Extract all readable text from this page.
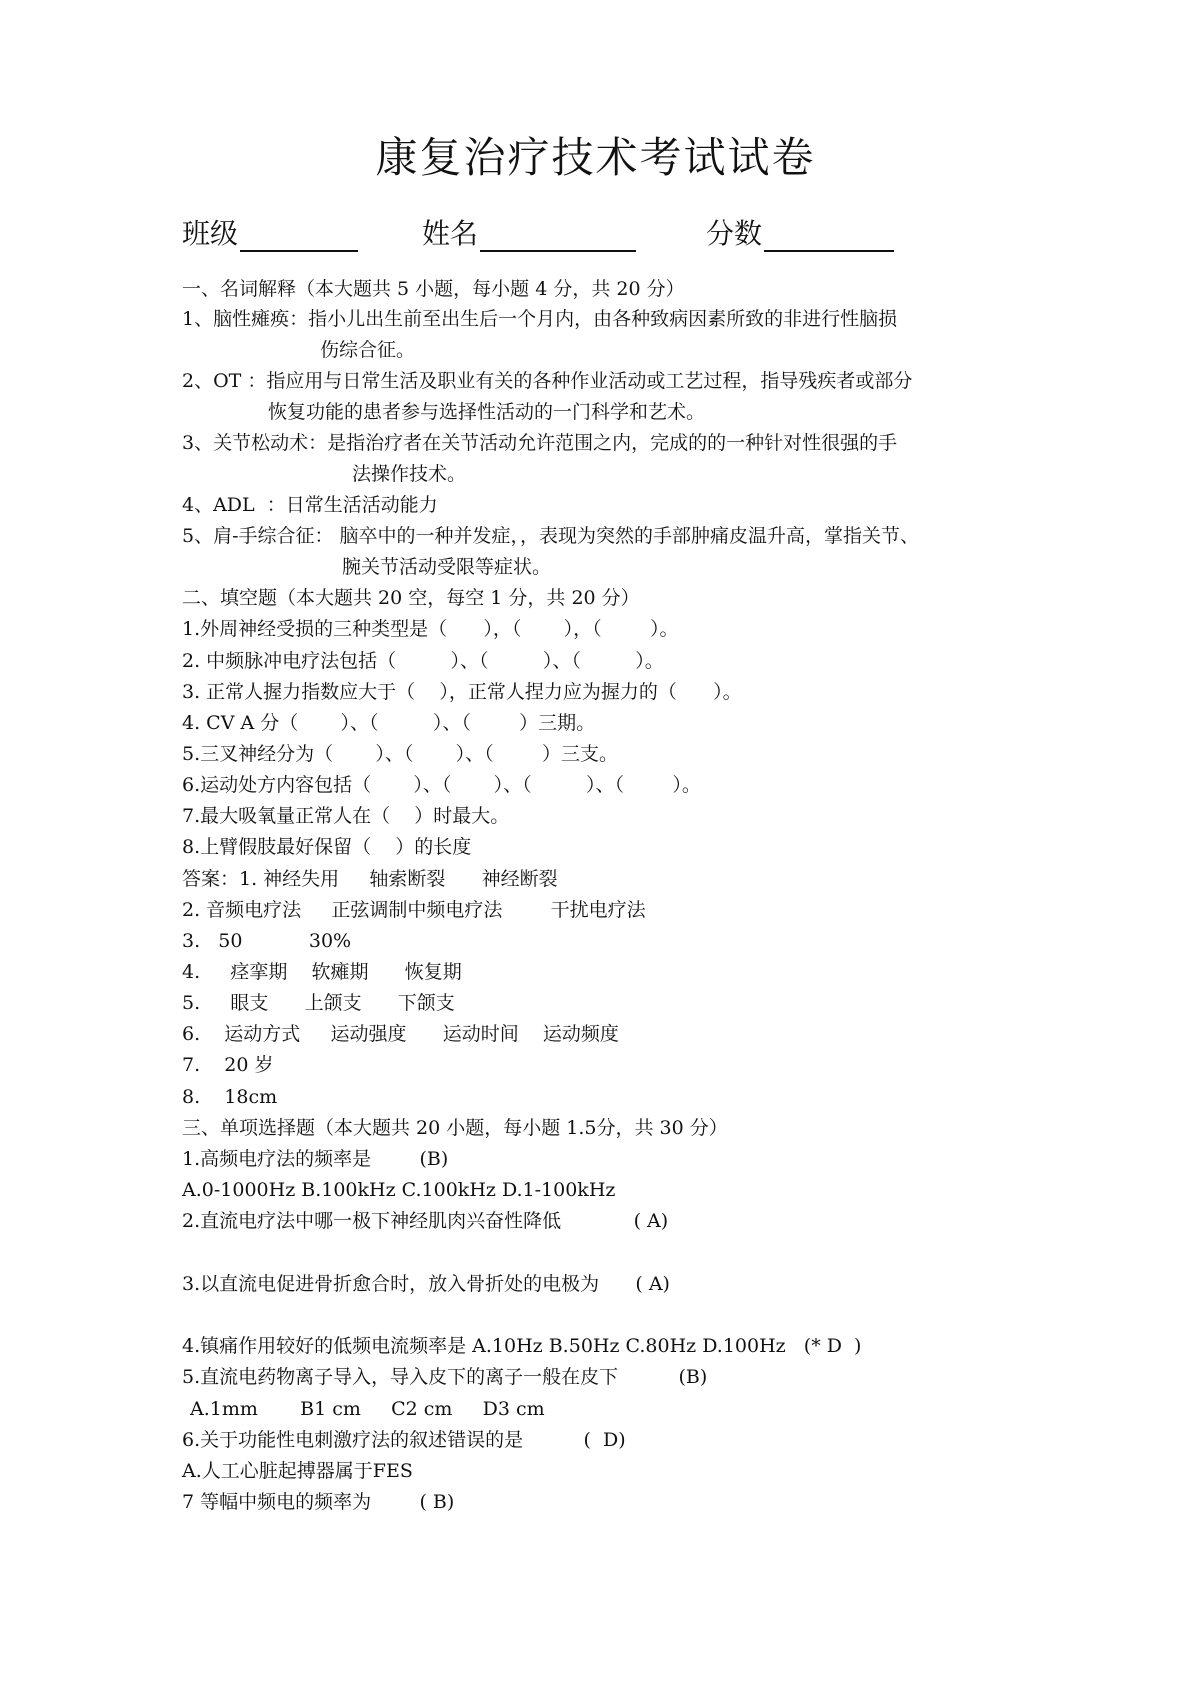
康复治疗技术考试试卷
班级	姓名	分数
一、名词解释（本大题共 5 小题，每小题 4 分，共 20 分）
1、脑性瘫痪：指小儿出生前至出生后一个月内，由各种致病因素所致的非进行性脑损
伤综合征。
2、OT ：指应用与日常生活及职业有关的各种作业活动或工艺过程，指导残疾者或部分
恢复功能的患者参与选择性活动的一门科学和艺术。
3、关节松动术：是指治疗者在关节活动允许范围之内，完成的的一种针对性很强的手
法操作技术。
4、ADL  ：日常生活活动能力
5、肩-手综合征： 脑卒中的一种并发症，，表现为突然的手部肿痛皮温升高，掌指关节、
腕关节活动受限等症状。
二、填空题（本大题共 20 空，每空 1 分，共 20 分）
1.外周神经受损的三种类型是（      ），（       ），（        ）。
2. 中频脉冲电疗法包括（         ）、（         ）、（         ）。
3. 正常人握力指数应大于（    ），正常人捏力应为握力的（      ）。
4. CV A 分（       ）、（         ）、（        ）三期。
5.三叉神经分为（       ）、（       ）、（        ）三支。
6.运动处方内容包括（       ）、（       ）、（         ）、（        ）。
7.最大吸氧量正常人在（    ）时最大。
8.上臂假肢最好保留（    ）的长度
答案：1. 神经失用     轴索断裂      神经断裂
2. 音频电疗法     正弦调制中频电疗法        干扰电疗法
3.   50           30%
4.     痉挛期    软瘫期      恢复期
5.     眼支      上颌支      下颌支
6.    运动方式     运动强度      运动时间    运动频度
7.    20 岁
8.    18cm
三、单项选择题（本大题共 20 小题，每小题 1.5分，共 30 分）
1.高频电疗法的频率是        (B)
A.0-1000Hz B.100kHz C.100kHz D.1-100kHz
2.直流电疗法中哪一极下神经肌肉兴奋性降低            ( A)
3.以直流电促进骨折愈合时，放入骨折处的电极为      ( A)
4.镇痛作用较好的低频电流频率是 A.10Hz B.50Hz C.80Hz D.100Hz   (* D  )
5.直流电药物离子导入，导入皮下的离子一般在皮下          (B)
A.1mm       B1 cm     C2 cm     D3 cm
6.关于功能性电刺激疗法的叙述错误的是          (  D)
A.人工心脏起搏器属于FES
7 等幅中频电的频率为        ( B)
